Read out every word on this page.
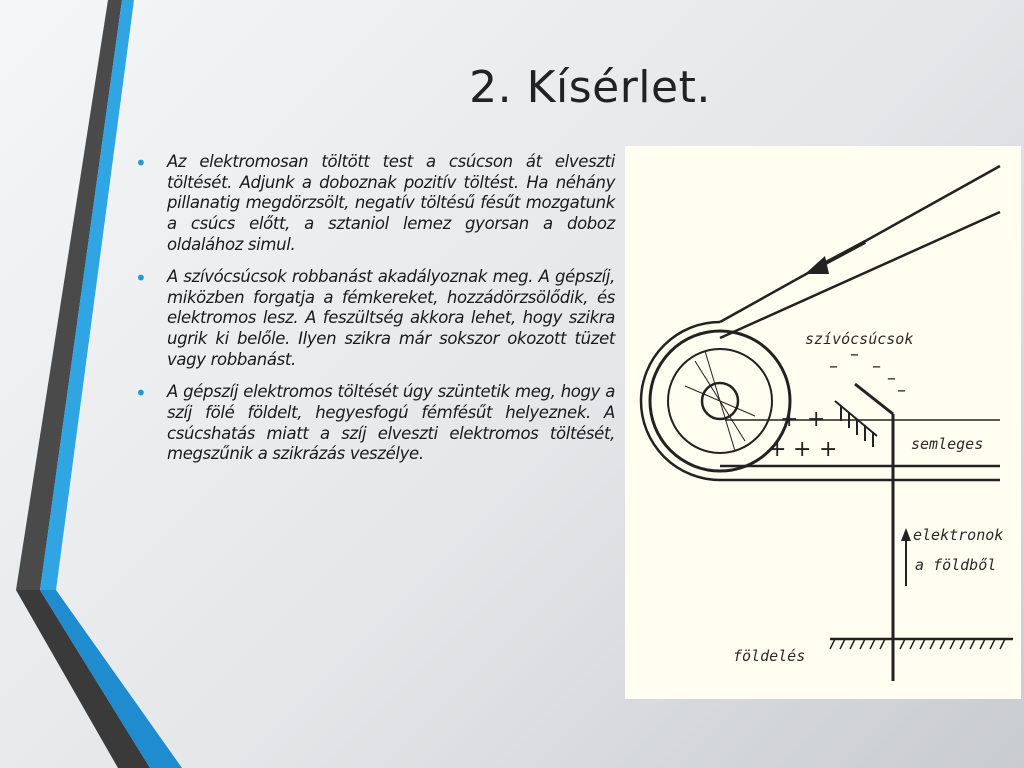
2. Kísérlet.
• Az elektromosan töltött test a csúcson át elveszti töltését. Adjunk a doboznak pozitív töltést. Ha néhány pillanatig megdörzsölt, negatív töltésű fésűt mozgatunk a csúcs előtt, a sztaniol lemez gyorsan a doboz oldalához simul.
• A szívócsúcsok robbanást akadályoznak meg. A gépszíj, miközben forgatja a fémkereket, hozzádörzsölődik, és elektromos lesz. A feszültség akkora lehet, hogy szikra ugrik ki belőle. Ilyen szikra már sokszor okozott tüzet vagy robbanást.
• A gépszíj elektromos töltését úgy szüntetik meg, hogy a szíj fölé földelt, hegyesfogú fémfésűt helyeznek. A csúcshatás miatt a szíj elveszti elektromos töltését, megszűnik a szikrázás veszélye.
–
–
–
–
–
+ +
+ + +
szívócsúcsok
semleges
elektronok
a földből
földelés
